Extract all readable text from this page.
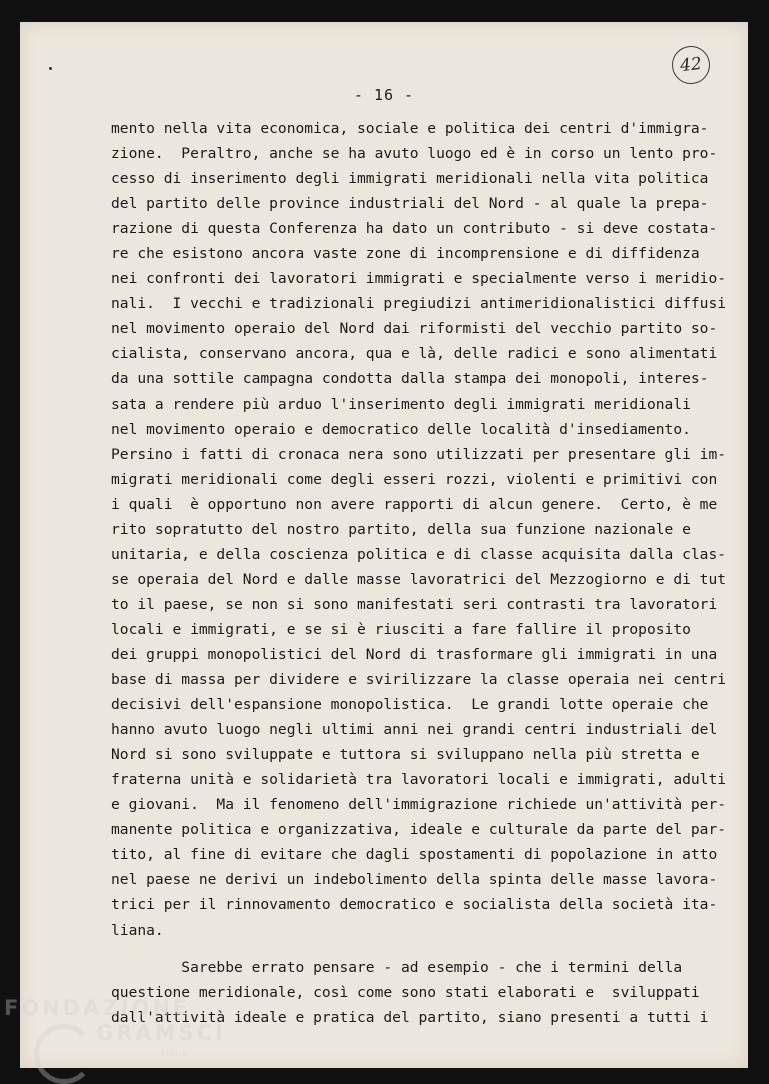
42
- 16 -
mento nella vita economica, sociale e politica dei centri d'immigra-
zione.  Peraltro, anche se ha avuto luogo ed è in corso un lento pro-
cesso di inserimento degli immigrati meridionali nella vita politica
del partito delle province industriali del Nord - al quale la prepa-
razione di questa Conferenza ha dato un contributo - si deve costata-
re che esistono ancora vaste zone di incomprensione e di diffidenza
nei confronti dei lavoratori immigrati e specialmente verso i meridio-
nali.  I vecchi e tradizionali pregiudizi antimeridionalistici diffusi
nel movimento operaio del Nord dai riformisti del vecchio partito so-
cialista, conservano ancora, qua e là, delle radici e sono alimentati
da una sottile campagna condotta dalla stampa dei monopoli, interes-
sata a rendere più arduo l'inserimento degli immigrati meridionali
nel movimento operaio e democratico delle località d'insediamento.
Persino i fatti di cronaca nera sono utilizzati per presentare gli im-
migrati meridionali come degli esseri rozzi, violenti e primitivi con
i quali  è opportuno non avere rapporti di alcun genere.  Certo, è me
rito sopratutto del nostro partito, della sua funzione nazionale e
unitaria, e della coscienza politica e di classe acquisita dalla clas-
se operaia del Nord e dalle masse lavoratrici del Mezzogiorno e di tut
to il paese, se non si sono manifestati seri contrasti tra lavoratori
locali e immigrati, e se si è riusciti a fare fallire il proposito
dei gruppi monopolistici del Nord di trasformare gli immigrati in una
base di massa per dividere e svirilizzare la classe operaia nei centri
decisivi dell'espansione monopolistica.  Le grandi lotte operaie che
hanno avuto luogo negli ultimi anni nei grandi centri industriali del
Nord si sono sviluppate e tuttora si sviluppano nella più stretta e
fraterna unità e solidarietà tra lavoratori locali e immigrati, adulti
e giovani.  Ma il fenomeno dell'immigrazione richiede un'attività per-
manente politica e organizzativa, ideale e culturale da parte del par-
tito, al fine di evitare che dagli spostamenti di popolazione in atto
nel paese ne derivi un indebolimento della spinta delle masse lavora-
trici per il rinnovamento democratico e socialista della società ita-
liana.
Sarebbe errato pensare - ad esempio - che i termini della
questione meridionale, così come sono stati elaborati e  sviluppati
dall'attività ideale e pratica del partito, siano presenti a tutti i
FONDAZIONE
GRAMSCI
onlus
